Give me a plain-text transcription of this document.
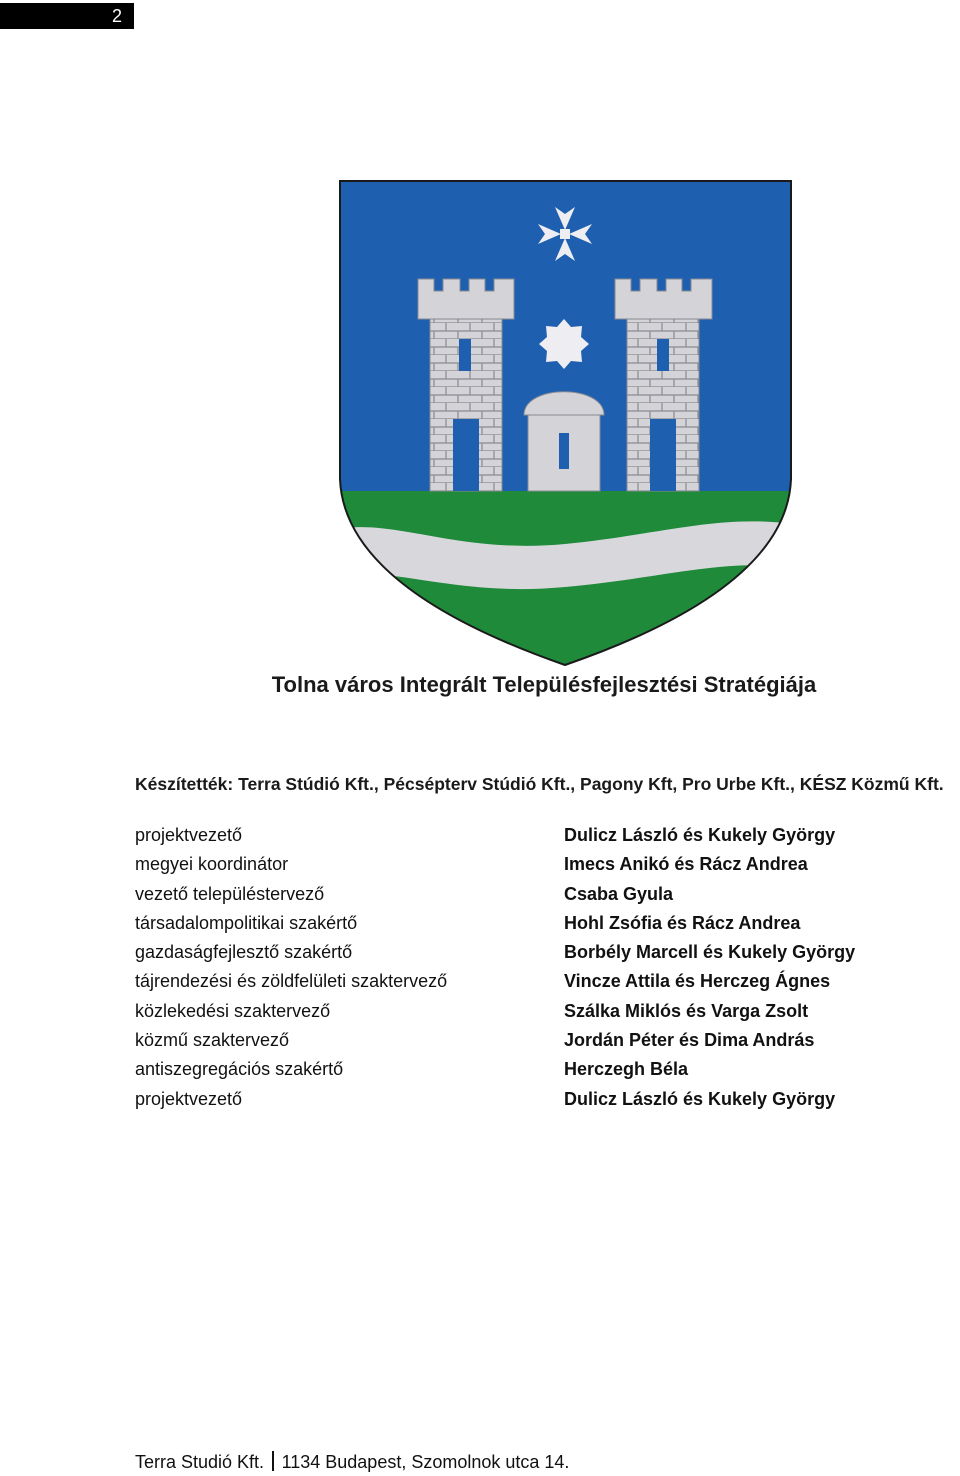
2
Tolna város Integrált Településfejlesztési Stratégiája
Készítették: Terra Stúdió Kft., Pécsépterv Stúdió Kft., Pagony Kft, Pro Urbe Kft., KÉSZ Közmű Kft.
projektvezető
megyei koordinátor
vezető településtervező
társadalompolitikai szakértő
gazdaságfejlesztő szakértő
tájrendezési és zöldfelületi szaktervező
közlekedési szaktervező
közmű szaktervező
antiszegregációs szakértő
projektvezető
Dulicz László és Kukely György
Imecs Anikó és Rácz Andrea
Csaba Gyula
Hohl Zsófia és Rácz Andrea
Borbély Marcell és Kukely György
Vincze Attila és Herczeg Ágnes
Szálka Miklós és Varga Zsolt
Jordán Péter és Dima András
Herczegh Béla
Dulicz László és Kukely György
Terra Studió Kft. 1134 Budapest, Szomolnok utca 14.
